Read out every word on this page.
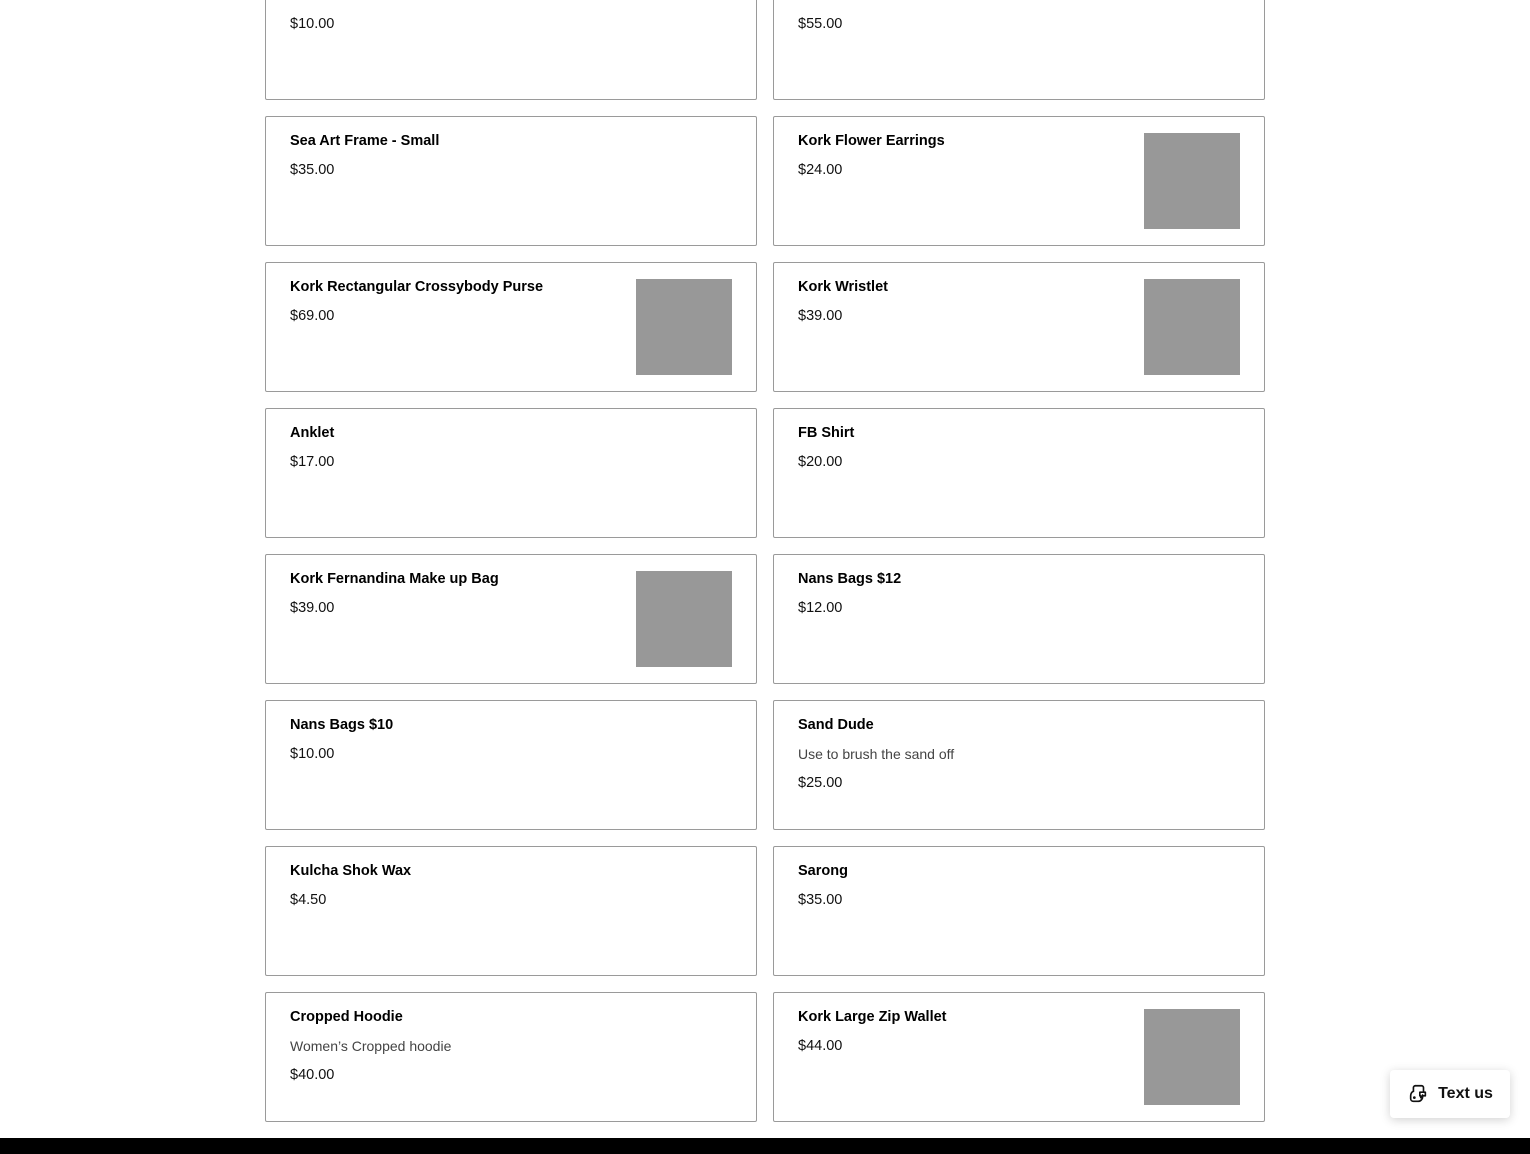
$10.00	$55.00
Sea Art Frame - Small
$35.00
Kork Flower Earrings
$24.00
Kork Rectangular Crossybody Purse
$69.00
Kork Wristlet
$39.00
Anklet
$17.00
FB Shirt
$20.00
Kork Fernandina Make up Bag
$39.00
Nans Bags $12
$12.00
Nans Bags $10
$10.00
Sand Dude
Use to brush the sand off
$25.00
Kulcha Shok Wax
$4.50
Sarong
$35.00
Cropped Hoodie
Women’s Cropped hoodie
$40.00
Kork Large Zip Wallet
$44.00
Text us
